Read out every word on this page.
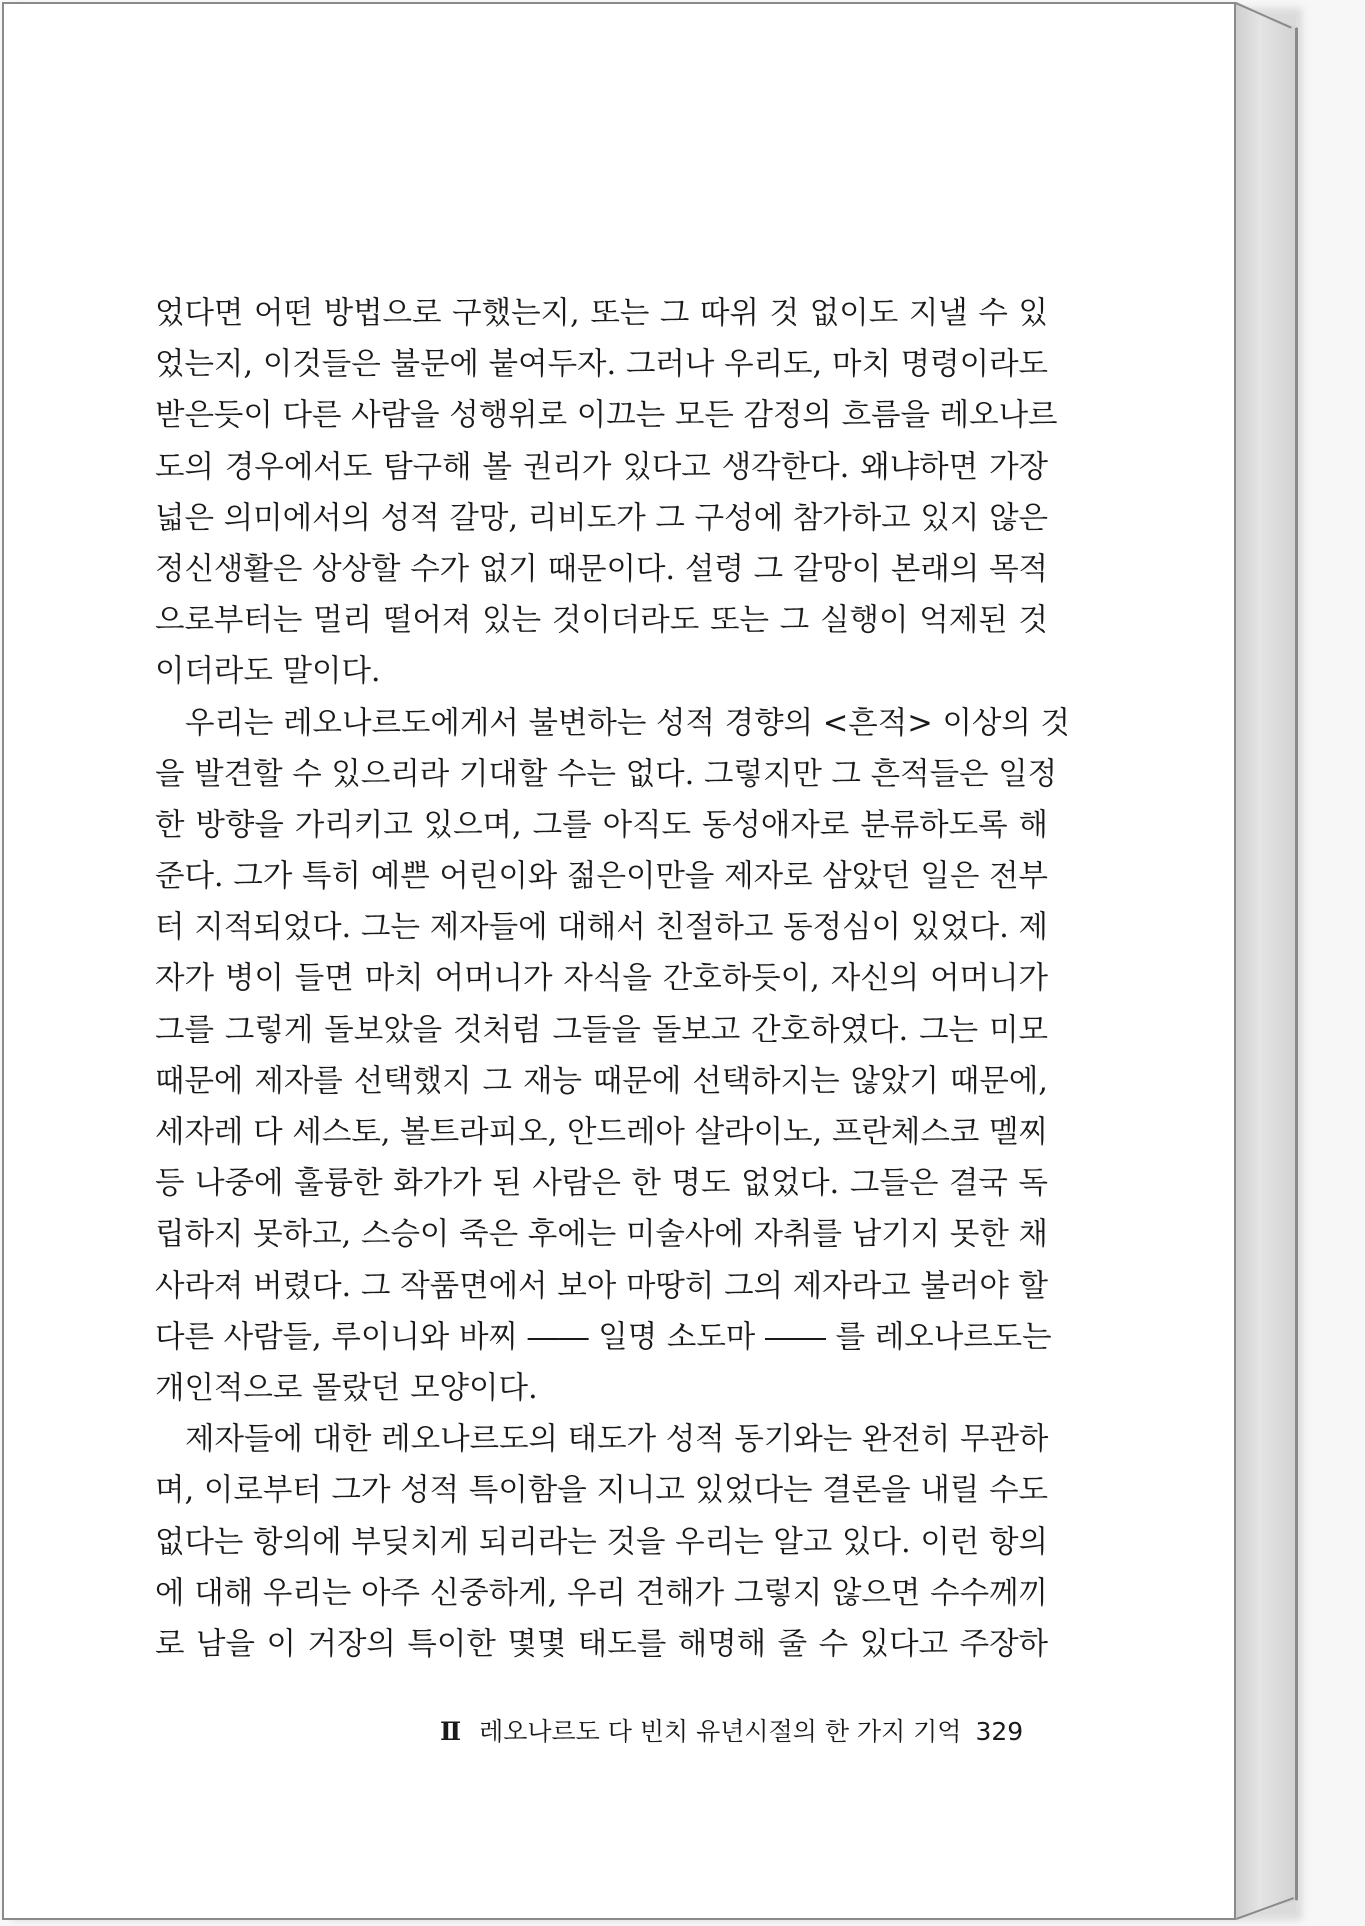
었다면 어떤 방법으로 구했는지, 또는 그 따위 것 없이도 지낼 수 있
었는지, 이것들은 불문에 붙여두자. 그러나 우리도, 마치 명령이라도
받은듯이 다른 사람을 성행위로 이끄는 모든 감정의 흐름을 레오나르
도의 경우에서도 탐구해 볼 권리가 있다고 생각한다. 왜냐하면 가장
넓은 의미에서의 성적 갈망, 리비도가 그 구성에 참가하고 있지 않은
정신생활은 상상할 수가 없기 때문이다. 설령 그 갈망이 본래의 목적
으로부터는 멀리 떨어져 있는 것이더라도 또는 그 실행이 억제된 것
이더라도 말이다.
우리는 레오나르도에게서 불변하는 성적 경향의 <흔적> 이상의 것
을 발견할 수 있으리라 기대할 수는 없다. 그렇지만 그 흔적들은 일정
한 방향을 가리키고 있으며, 그를 아직도 동성애자로 분류하도록 해
준다. 그가 특히 예쁜 어린이와 젊은이만을 제자로 삼았던 일은 전부
터 지적되었다. 그는 제자들에 대해서 친절하고 동정심이 있었다. 제
자가 병이 들면 마치 어머니가 자식을 간호하듯이, 자신의 어머니가
그를 그렇게 돌보았을 것처럼 그들을 돌보고 간호하였다. 그는 미모
때문에 제자를 선택했지 그 재능 때문에 선택하지는 않았기 때문에,
세자레 다 세스토, 볼트라피오, 안드레아 살라이노, 프란체스코 멜찌
등 나중에 훌륭한 화가가 된 사람은 한 명도 없었다. 그들은 결국 독
립하지 못하고, 스승이 죽은 후에는 미술사에 자취를 남기지 못한 채
사라져 버렸다. 그 작품면에서 보아 마땅히 그의 제자라고 불러야 할
다른 사람들, 루이니와 바찌 ―― 일명 소도마 ―― 를 레오나르도는
개인적으로 몰랐던 모양이다.
제자들에 대한 레오나르도의 태도가 성적 동기와는 완전히 무관하
며, 이로부터 그가 성적 특이함을 지니고 있었다는 결론을 내릴 수도
없다는 항의에 부딪치게 되리라는 것을 우리는 알고 있다. 이런 항의
에 대해 우리는 아주 신중하게, 우리 견해가 그렇지 않으면 수수께끼
로 남을 이 거장의 특이한 몇몇 태도를 해명해 줄 수 있다고 주장하
Ⅱ 레오나르도 다 빈치 유년시절의 한 가지 기억 329
